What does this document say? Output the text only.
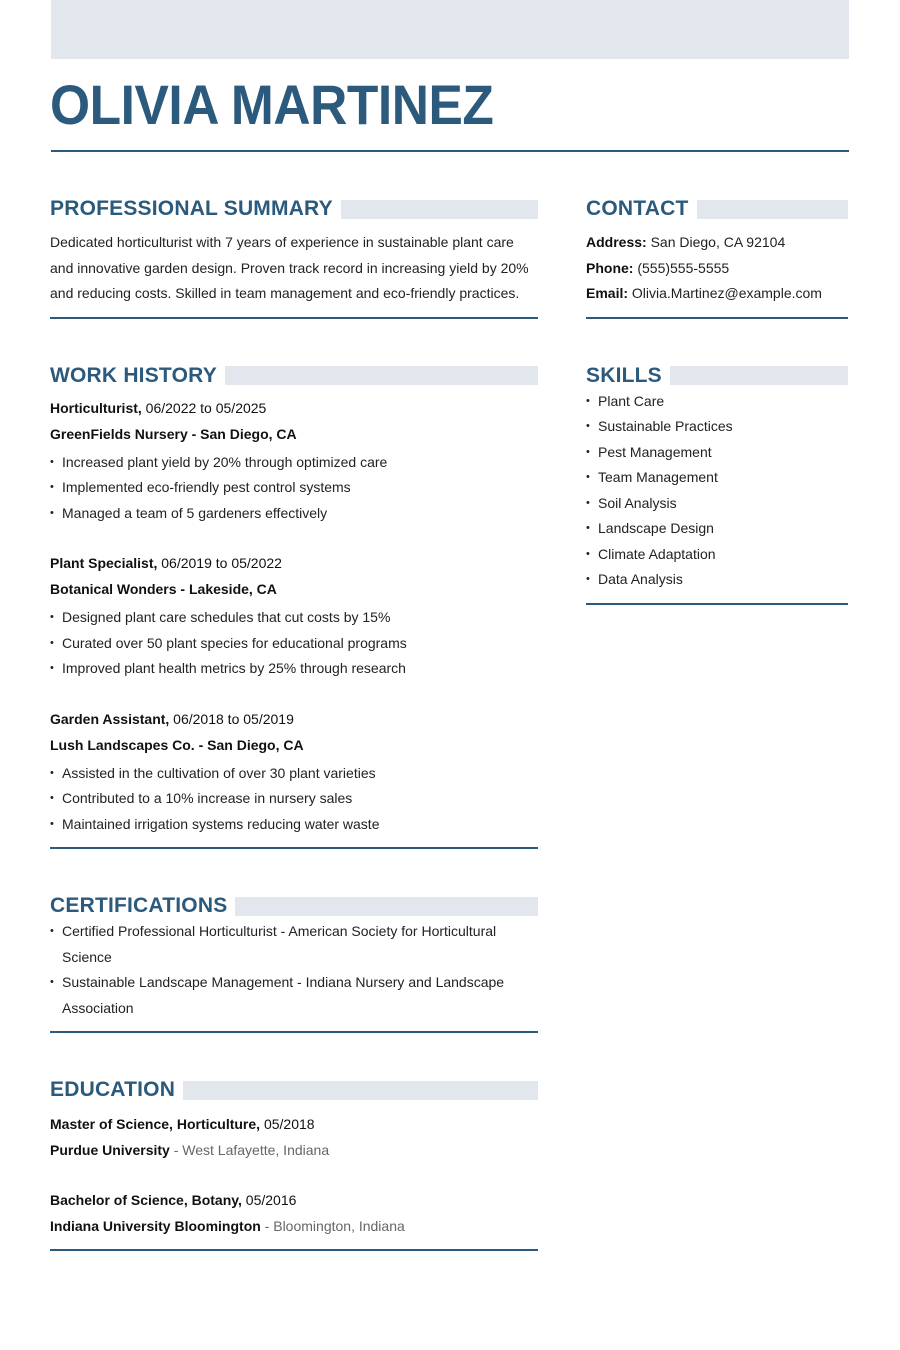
OLIVIA MARTINEZ
PROFESSIONAL SUMMARY
Dedicated horticulturist with 7 years of experience in sustainable plant care and innovative garden design. Proven track record in increasing yield by 20% and reducing costs. Skilled in team management and eco-friendly practices.
WORK HISTORY
Horticulturist, 06/2022 to 05/2025
GreenFields Nursery - San Diego, CA
• Increased plant yield by 20% through optimized care
• Implemented eco-friendly pest control systems
• Managed a team of 5 gardeners effectively
Plant Specialist, 06/2019 to 05/2022
Botanical Wonders - Lakeside, CA
• Designed plant care schedules that cut costs by 15%
• Curated over 50 plant species for educational programs
• Improved plant health metrics by 25% through research
Garden Assistant, 06/2018 to 05/2019
Lush Landscapes Co. - San Diego, CA
• Assisted in the cultivation of over 30 plant varieties
• Contributed to a 10% increase in nursery sales
• Maintained irrigation systems reducing water waste
CERTIFICATIONS
• Certified Professional Horticulturist - American Society for Horticultural Science
• Sustainable Landscape Management - Indiana Nursery and Landscape Association
EDUCATION
Master of Science, Horticulture, 05/2018
Purdue University - West Lafayette, Indiana
Bachelor of Science, Botany, 05/2016
Indiana University Bloomington - Bloomington, Indiana
CONTACT
Address: San Diego, CA 92104
Phone: (555)555-5555
Email: Olivia.Martinez@example.com
SKILLS
• Plant Care
• Sustainable Practices
• Pest Management
• Team Management
• Soil Analysis
• Landscape Design
• Climate Adaptation
• Data Analysis
